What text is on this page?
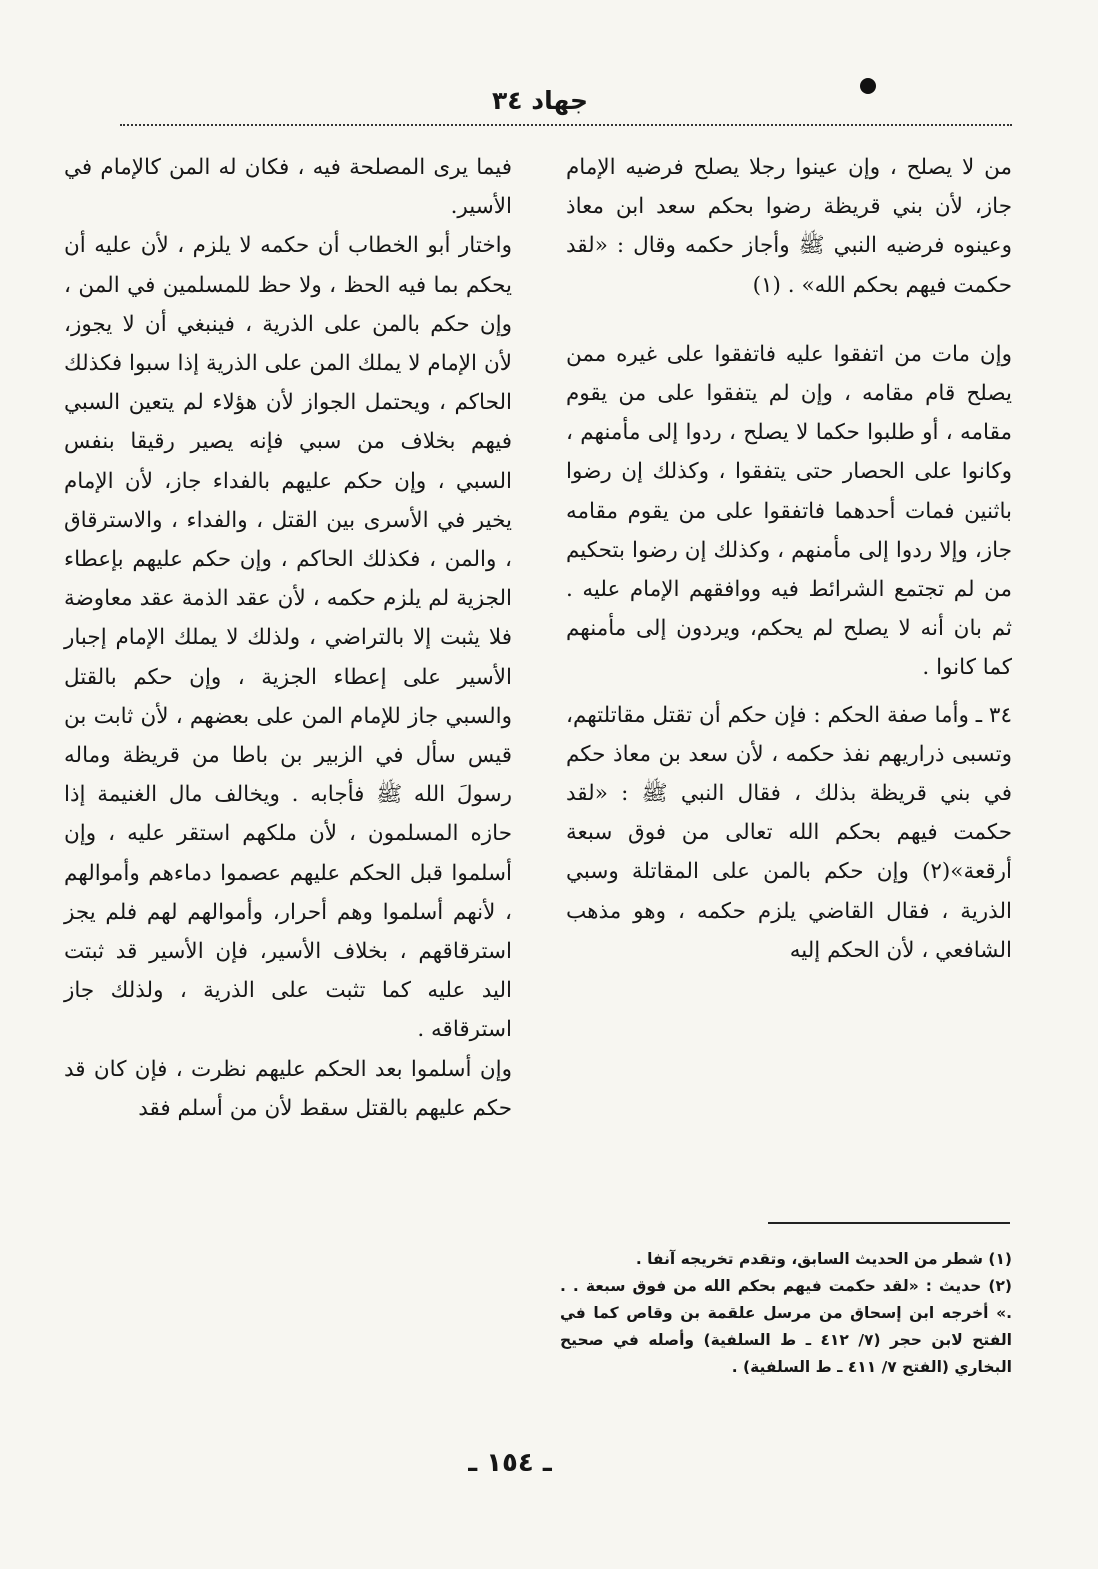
جهاد ٣٤

من لا يصلح ، وإن عينوا رجلا يصلح فرضيه الإمام جاز، لأن بني قريظة رضوا بحكم سعد ابن معاذ وعينوه فرضيه النبي ﷺ وأجاز حكمه وقال : «لقد حكمت فيهم بحكم الله» . (١)

وإن مات من اتفقوا عليه فاتفقوا على غيره ممن يصلح قام مقامه ، وإن لم يتفقوا على من يقوم مقامه ، أو طلبوا حكما لا يصلح ، ردوا إلى مأمنهم ، وكانوا على الحصار حتى يتفقوا ، وكذلك إن رضوا باثنين فمات أحدهما فاتفقوا على من يقوم مقامه جاز، وإلا ردوا إلى مأمنهم ، وكذلك إن رضوا بتحكيم من لم تجتمع الشرائط فيه ووافقهم الإمام عليه . ثم بان أنه لا يصلح لم يحكم، ويردون إلى مأمنهم كما كانوا .

٣٤ ـ وأما صفة الحكم : فإن حكم أن تقتل مقاتلتهم، وتسبى ذراريهم نفذ حكمه ، لأن سعد بن معاذ حكم في بني قريظة بذلك ، فقال النبي ﷺ : «لقد حكمت فيهم بحكم الله تعالى من فوق سبعة أرقعة»(٢) وإن حكم بالمن على المقاتلة وسبي الذرية ، فقال القاضي يلزم حكمه ، وهو مذهب الشافعي ، لأن الحكم إليه

فيما يرى المصلحة فيه ، فكان له المن كالإمام في الأسير.

واختار أبو الخطاب أن حكمه لا يلزم ، لأن عليه أن يحكم بما فيه الحظ ، ولا حظ للمسلمين في المن ، وإن حكم بالمن على الذرية ، فينبغي أن لا يجوز، لأن الإمام لا يملك المن على الذرية إذا سبوا فكذلك الحاكم ، ويحتمل الجواز لأن هؤلاء لم يتعين السبي فيهم بخلاف من سبي فإنه يصير رقيقا بنفس السبي ، وإن حكم عليهم بالفداء جاز، لأن الإمام يخير في الأسرى بين القتل ، والفداء ، والاسترقاق ، والمن ، فكذلك الحاكم ، وإن حكم عليهم بإعطاء الجزية لم يلزم حكمه ، لأن عقد الذمة عقد معاوضة فلا يثبت إلا بالتراضي ، ولذلك لا يملك الإمام إجبار الأسير على إعطاء الجزية ، وإن حكم بالقتل والسبي جاز للإمام المن على بعضهم ، لأن ثابت بن قيس سأل في الزبير بن باطا من قريظة وماله رسولَ الله ﷺ فأجابه . ويخالف مال الغنيمة إذا حازه المسلمون ، لأن ملكهم استقر عليه ، وإن أسلموا قبل الحكم عليهم عصموا دماءهم وأموالهم ، لأنهم أسلموا وهم أحرار، وأموالهم لهم فلم يجز استرقاقهم ، بخلاف الأسير، فإن الأسير قد ثبتت اليد عليه كما تثبت على الذرية ، ولذلك جاز استرقاقه .

وإن أسلموا بعد الحكم عليهم نظرت ، فإن كان قد حكم عليهم بالقتل سقط لأن من أسلم فقد

(١) شطر من الحديث السابق، وتقدم تخريجه آنفا .

(٢) حديث : «لقد حكمت فيهم بحكم الله من فوق سبعة . . .» أخرجه ابن إسحاق من مرسل علقمة بن وقاص كما في الفتح لابن حجر (٧/ ٤١٢ ـ ط السلفية) وأصله في صحيح البخاري (الفتح ٧/ ٤١١ ـ ط السلفية) .

ـ ١٥٤ ـ
